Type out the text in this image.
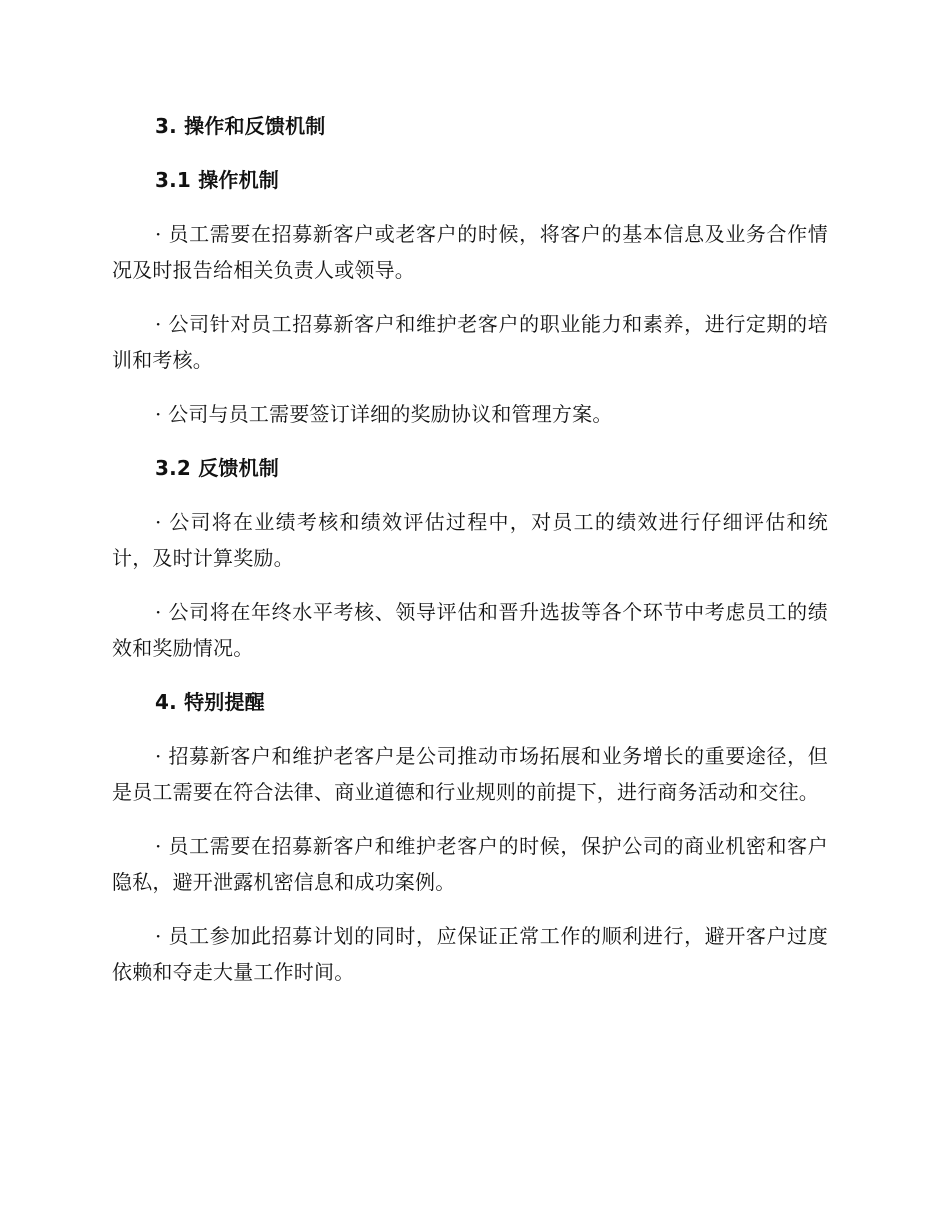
3. 操作和反馈机制
3.1 操作机制

· 员工需要在招募新客户或老客户的时候，将客户的基本信息及业务合作情况及时报告给相关负责人或领导。

· 公司针对员工招募新客户和维护老客户的职业能力和素养，进行定期的培训和考核。

· 公司与员工需要签订详细的奖励协议和管理方案。

3.2 反馈机制

· 公司将在业绩考核和绩效评估过程中，对员工的绩效进行仔细评估和统计，及时计算奖励。

· 公司将在年终水平考核、领导评估和晋升选拔等各个环节中考虑员工的绩效和奖励情况。

4. 特别提醒

· 招募新客户和维护老客户是公司推动市场拓展和业务增长的重要途径，但是员工需要在符合法律、商业道德和行业规则的前提下，进行商务活动和交往。

· 员工需要在招募新客户和维护老客户的时候，保护公司的商业机密和客户隐私，避开泄露机密信息和成功案例。

· 员工参加此招募计划的同时，应保证正常工作的顺利进行，避开客户过度依赖和夺走大量工作时间。
